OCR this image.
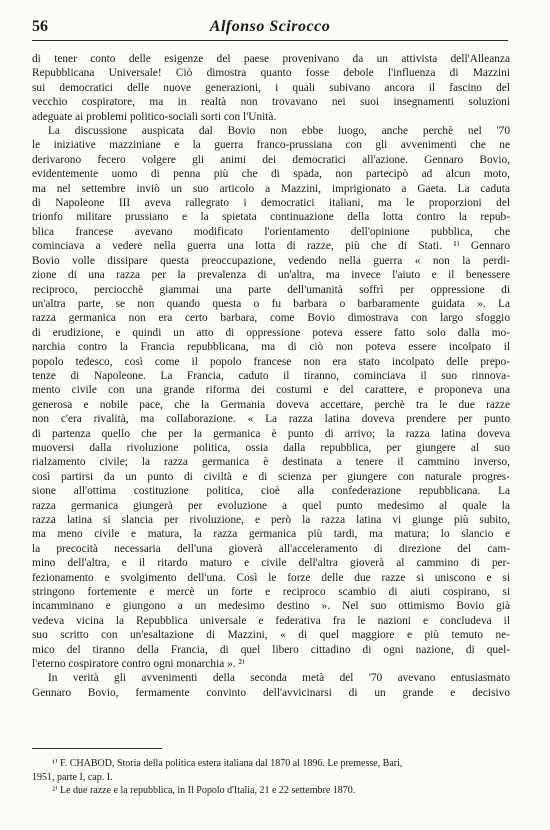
56	Alfonso Scirocco
di tener conto delle esigenze del paese provenivano da un attivista dell'Alleanza
Repubblicana Universale! Ciò dimostra quanto fosse debole l'influenza di Mazzini
sui democratici delle nuove generazioni, i quali subivano ancora il fascino del
vecchio cospiratore, ma in realtà non trovavano nei suoi insegnamenti soluzioni
adeguate ai problemi politico-sociali sorti con l'Unità.
La discussione auspicata dal Bovio non ebbe luogo, anche perchè nel '70
le iniziative mazziniane e la guerra franco-prussiana con gli avvenimenti che ne
derivarono fecero volgere gli animi dei democratici all'azione. Gennaro Bovio,
evidentemente uomo di penna più che di spada, non partecipò ad alcun moto,
ma nel settembre inviò un suo articolo a Mazzini, imprigionato a Gaeta. La caduta
di Napoleone III aveva rallegrato i democratici italiani, ma le proporzioni del
trionfo militare prussiano e la spietata continuazione della lotta contro la repub-
blica francese avevano modificato l'orientamento dell'opinione pubblica, che
cominciava a vedere nella guerra una lotta di razze, più che di Stati. ¹⁾ Gennaro
Bovio volle dissipare questa preoccupazione, vedendo nella guerra « non la perdi-
zione di una razza per la prevalenza di un'altra, ma invece l'aiuto e il benessere
reciproco, perciocchè giammai una parte dell'umanità soffrì per oppressione di
un'altra parte, se non quando questa o fu barbara o barbaramente guidata ». La
razza germanica non era certo barbara, come Bovio dimostrava con largo sfoggio
di erudizione, e quindi un atto di oppressione poteva essere fatto solo dalla mo-
narchia contro la Francia repubblicana, ma di ciò non poteva essere incolpato il
popolo tedesco, così come il popolo francese non era stato incolpato delle prepo-
tenze di Napoleone. La Francia, caduto il tiranno, cominciava il suo rinnova-
mento civile con una grande riforma dei costumi e del carattere, e proponeva una
generosa e nobile pace, che la Germania doveva accettare, perchè tra le due razze
non c'era rivalità, ma collaborazione. « La razza latina doveva prendere per punto
di partenza quello che per la germanica è punto di arrivo; la razza latina doveva
muoversi dalla rivoluzione politica, ossia dalla repubblica, per giungere al suo
rialzamento civile; la razza germanica è destinata a tenere il cammino inverso,
così partirsi da un punto di civiltà e di scienza per giungere con naturale progres-
sione all'ottima costituzione politica, cioè alla confederazione repubblicana. La
razza germanica giungerà per evoluzione a quel punto medesimo al quale la
razza latina si slancia per rivoluzione, e però la razza latina vi giunge più subito,
ma meno civile e matura, la razza germanica più tardi, ma matura; lo slancio e
la precocità necessaria dell'una gioverà all'acceleramento di direzione del cam-
mino dell'altra, e il ritardo maturo e civile dell'altra gioverà al cammino di per-
fezionamento e svolgimento dell'una. Così le forze delle due razze si uniscono e si
stringono fortemente e mercè un forte e reciproco scambio di aiuti cospirano, si
incamminano e giungono a un medesimo destino ». Nel suo ottimismo Bovio già
vedeva vicina la Repubblica universale e federativa fra le nazioni e concludeva il
suo scritto con un'esaltazione di Mazzini, « di quel maggiore e più temuto ne-
mico del tiranno della Francia, di quel libero cittadino di ogni nazione, di quel-
l'eterno cospiratore contro ogni monarchia ». ²⁾
In verità gli avvenimenti della seconda metà del '70 avevano entusiasmato
Gennaro Bovio, fermamente convinto dell'avvicinarsi di un grande e decisivo
¹⁾ F. CHABOD, Storia della politica estera italiana dal 1870 al 1896. Le premesse, Bari,
1951, parte I, cap. I.
²⁾ Le due razze e la repubblica, in Il Popolo d'Italia, 21 e 22 settembre 1870.
